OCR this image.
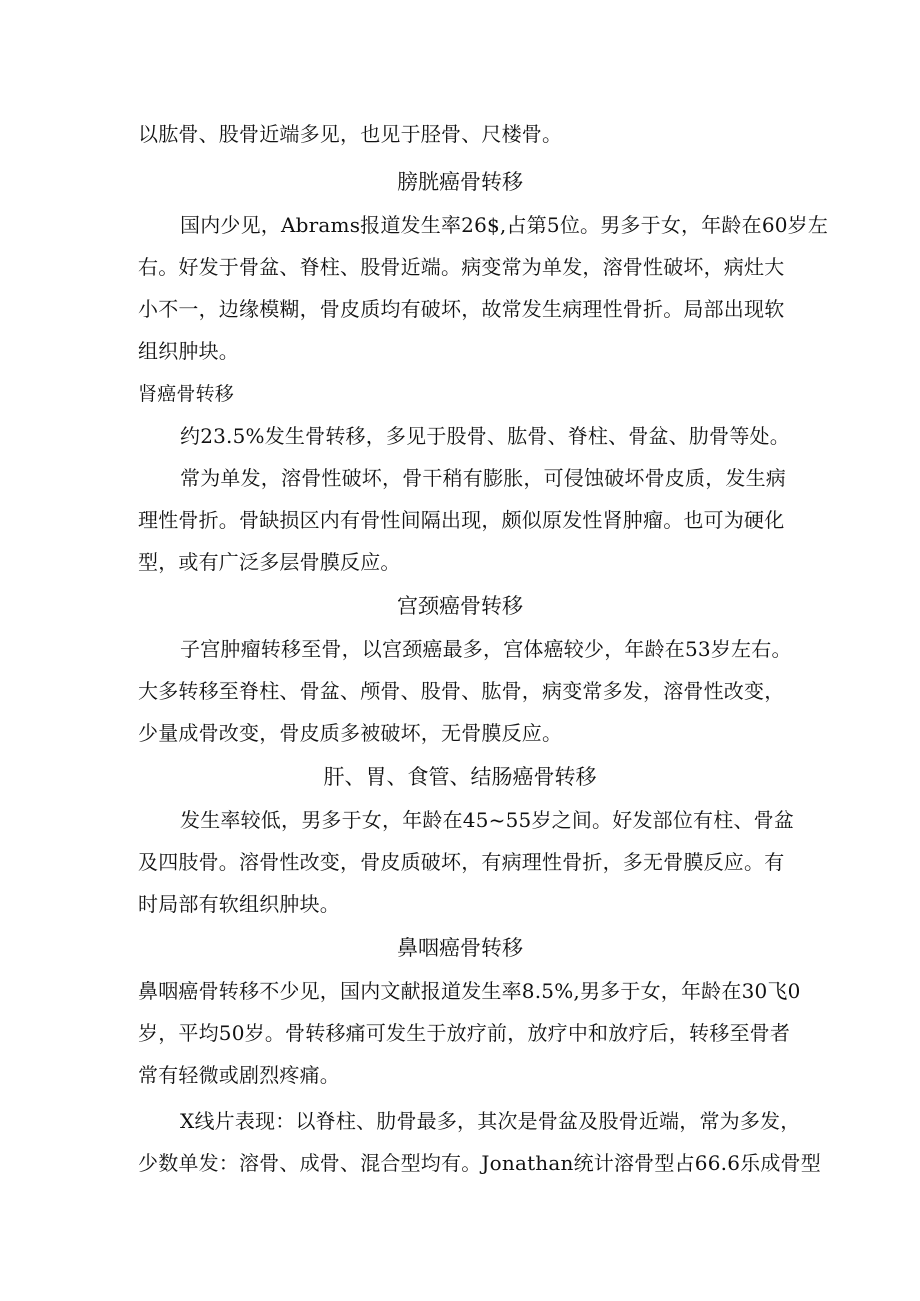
以肱骨、股骨近端多见，也见于胫骨、尺楼骨。
膀胱癌骨转移
国内少见，Abrams报道发生率26$,占第5位。男多于女，年龄在60岁左
右。好发于骨盆、脊柱、股骨近端。病变常为单发，溶骨性破坏，病灶大
小不一，边缘模糊，骨皮质均有破坏，故常发生病理性骨折。局部出现软
组织肿块。
肾癌骨转移
约23.5%发生骨转移，多见于股骨、肱骨、脊柱、骨盆、肋骨等处。
常为单发，溶骨性破坏，骨干稍有膨胀，可侵蚀破坏骨皮质，发生病
理性骨折。骨缺损区内有骨性间隔出现，颇似原发性肾肿瘤。也可为硬化
型，或有广泛多层骨膜反应。
宫颈癌骨转移
子宫肿瘤转移至骨，以宫颈癌最多，宫体癌较少，年龄在53岁左右。
大多转移至脊柱、骨盆、颅骨、股骨、肱骨，病变常多发，溶骨性改变，
少量成骨改变，骨皮质多被破坏，无骨膜反应。
肝、胃、食管、结肠癌骨转移
发生率较低，男多于女，年龄在45~55岁之间。好发部位有柱、骨盆
及四肢骨。溶骨性改变，骨皮质破坏，有病理性骨折，多无骨膜反应。有
时局部有软组织肿块。
鼻咽癌骨转移
鼻咽癌骨转移不少见，国内文献报道发生率8.5%,男多于女，年龄在30飞0
岁，平均50岁。骨转移痛可发生于放疗前，放疗中和放疗后，转移至骨者
常有轻微或剧烈疼痛。
X线片表现：以脊柱、肋骨最多，其次是骨盆及股骨近端，常为多发，
少数单发：溶骨、成骨、混合型均有。Jonathan统计溶骨型占66.6乐成骨型
